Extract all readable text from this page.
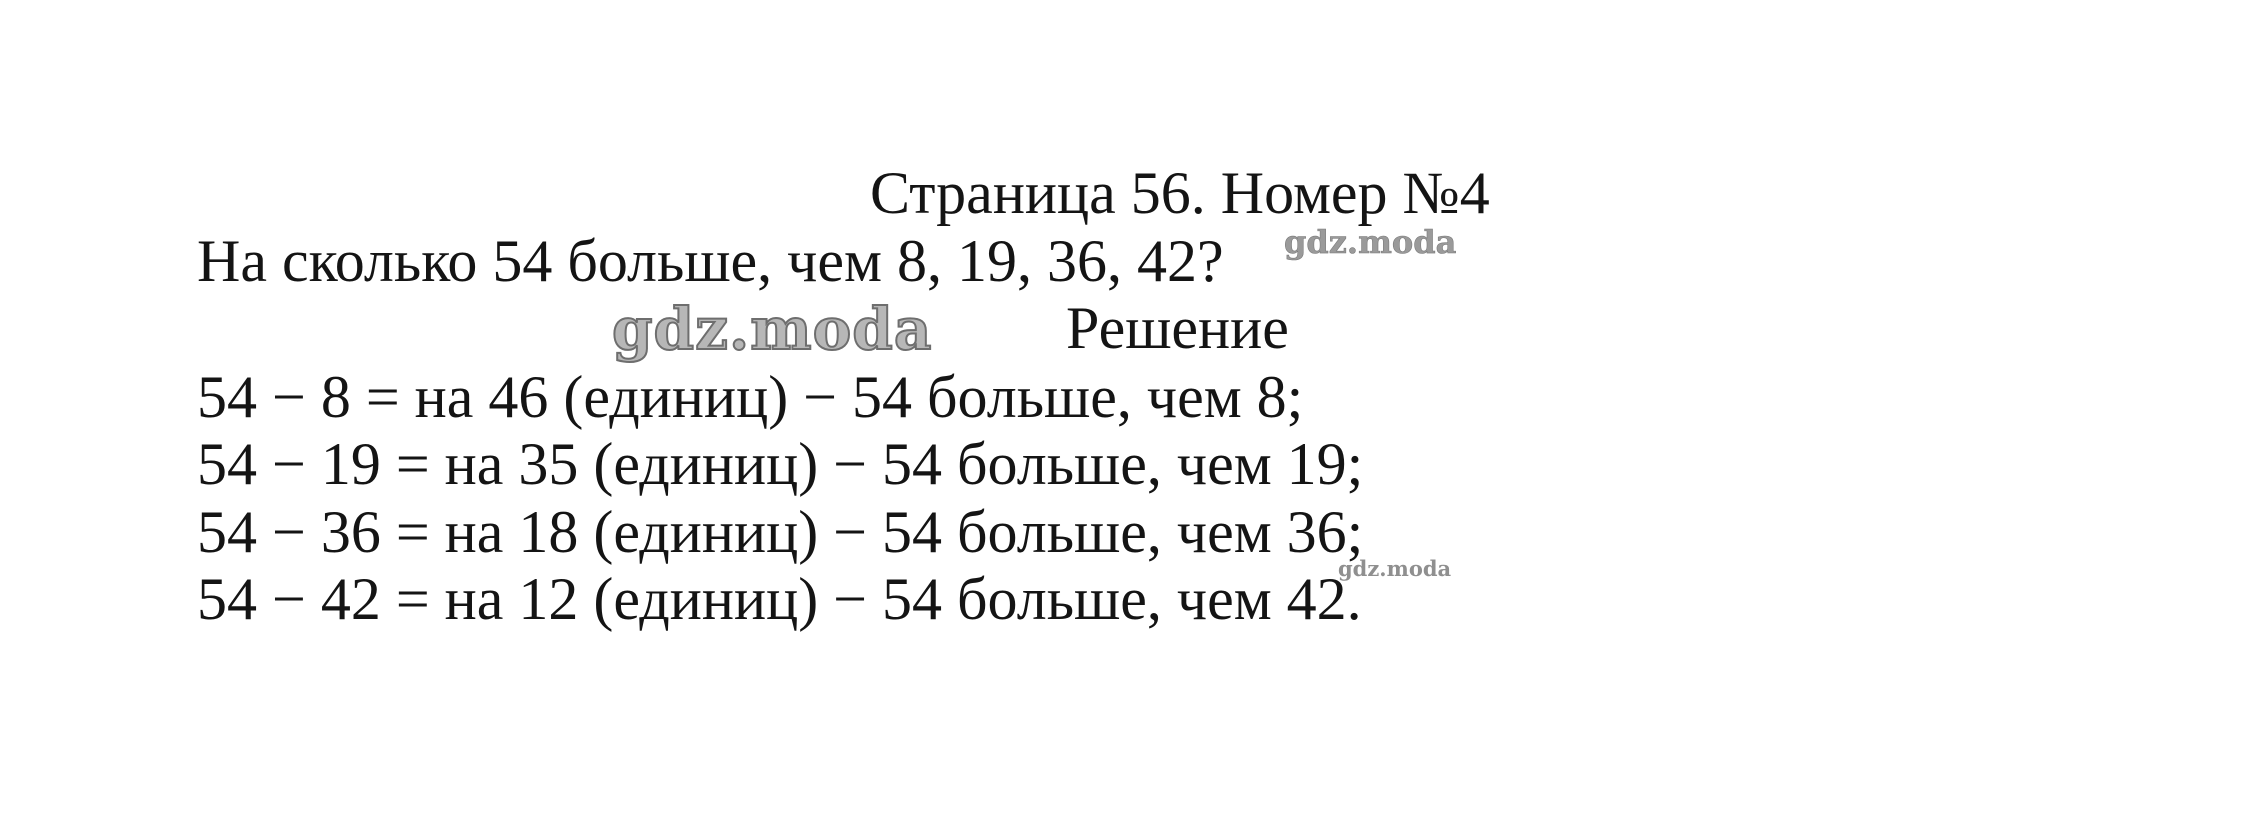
Страница 56. Номер №4
На сколько 54 больше, чем 8, 19, 36, 42?
Решение
54 − 8 = на 46 (единиц) − 54 больше, чем 8;
54 − 19 = на 35 (единиц) − 54 больше, чем 19;
54 − 36 = на 18 (единиц) − 54 больше, чем 36;
54 − 42 = на 12 (единиц) − 54 больше, чем 42.
gdz.moda
gdz.moda
gdz.moda
